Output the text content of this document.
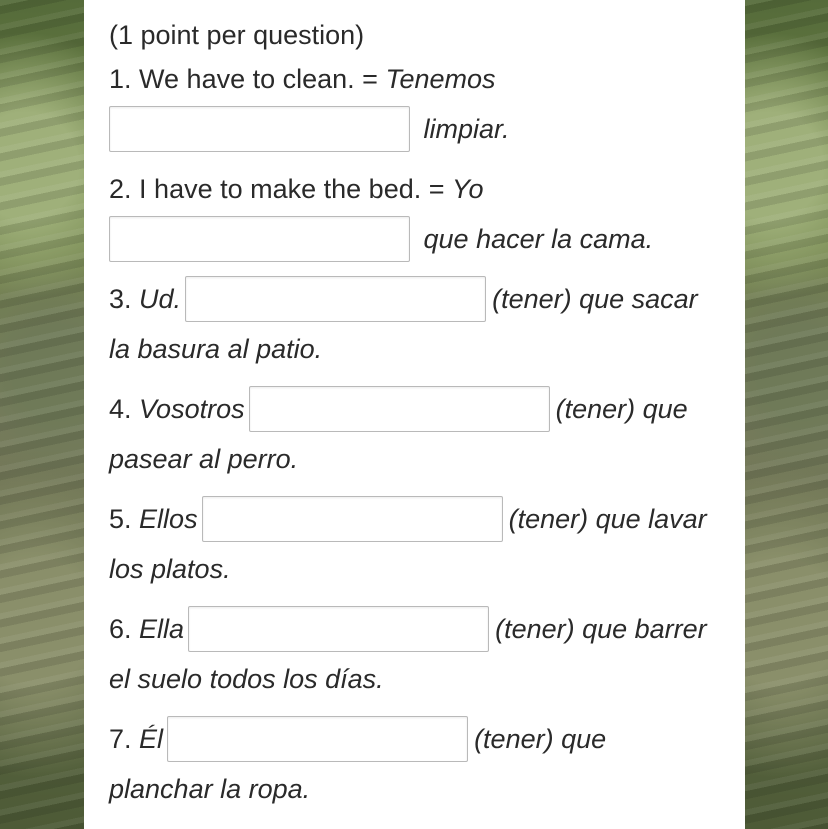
(1 point per question)

1. We have to clean. = Tenemos
limpiar.

2. I have to make the bed. = Yo
que hacer la cama.

3. Ud.	(tener) que sacar la basura al patio.

4. Vosotros	(tener) que pasear al perro.

5. Ellos	(tener) que lavar los platos.

6. Ella	(tener) que barrer el suelo todos los días.

7. Él	(tener) que planchar la ropa.
